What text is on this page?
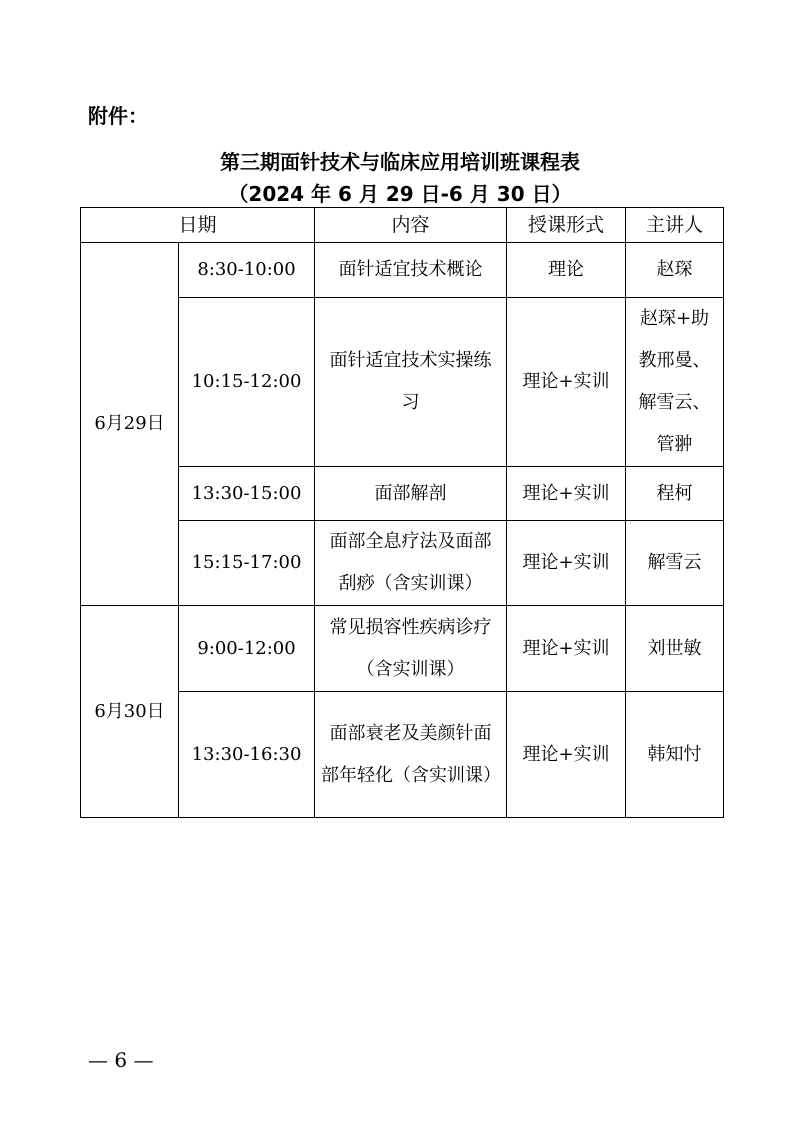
附件：
第三期面针技术与临床应用培训班课程表
（2024 年 6 月 29 日-6 月 30 日）
日期		内容	授课形式	主讲人
6月29日	8:30-10:00	面针适宜技术概论	理论	赵琛
	10:15-12:00	面针适宜技术实操练习	理论+实训	赵琛+助教邢曼、解雪云、管翀
	13:30-15:00	面部解剖	理论+实训	程柯
	15:15-17:00	面部全息疗法及面部刮痧（含实训课）	理论+实训	解雪云
6月30日	9:00-12:00	常见损容性疾病诊疗（含实训课）	理论+实训	刘世敏
	13:30-16:30	面部衰老及美颜针面部年轻化（含实训课）	理论+实训	韩知忖
— 6 —
